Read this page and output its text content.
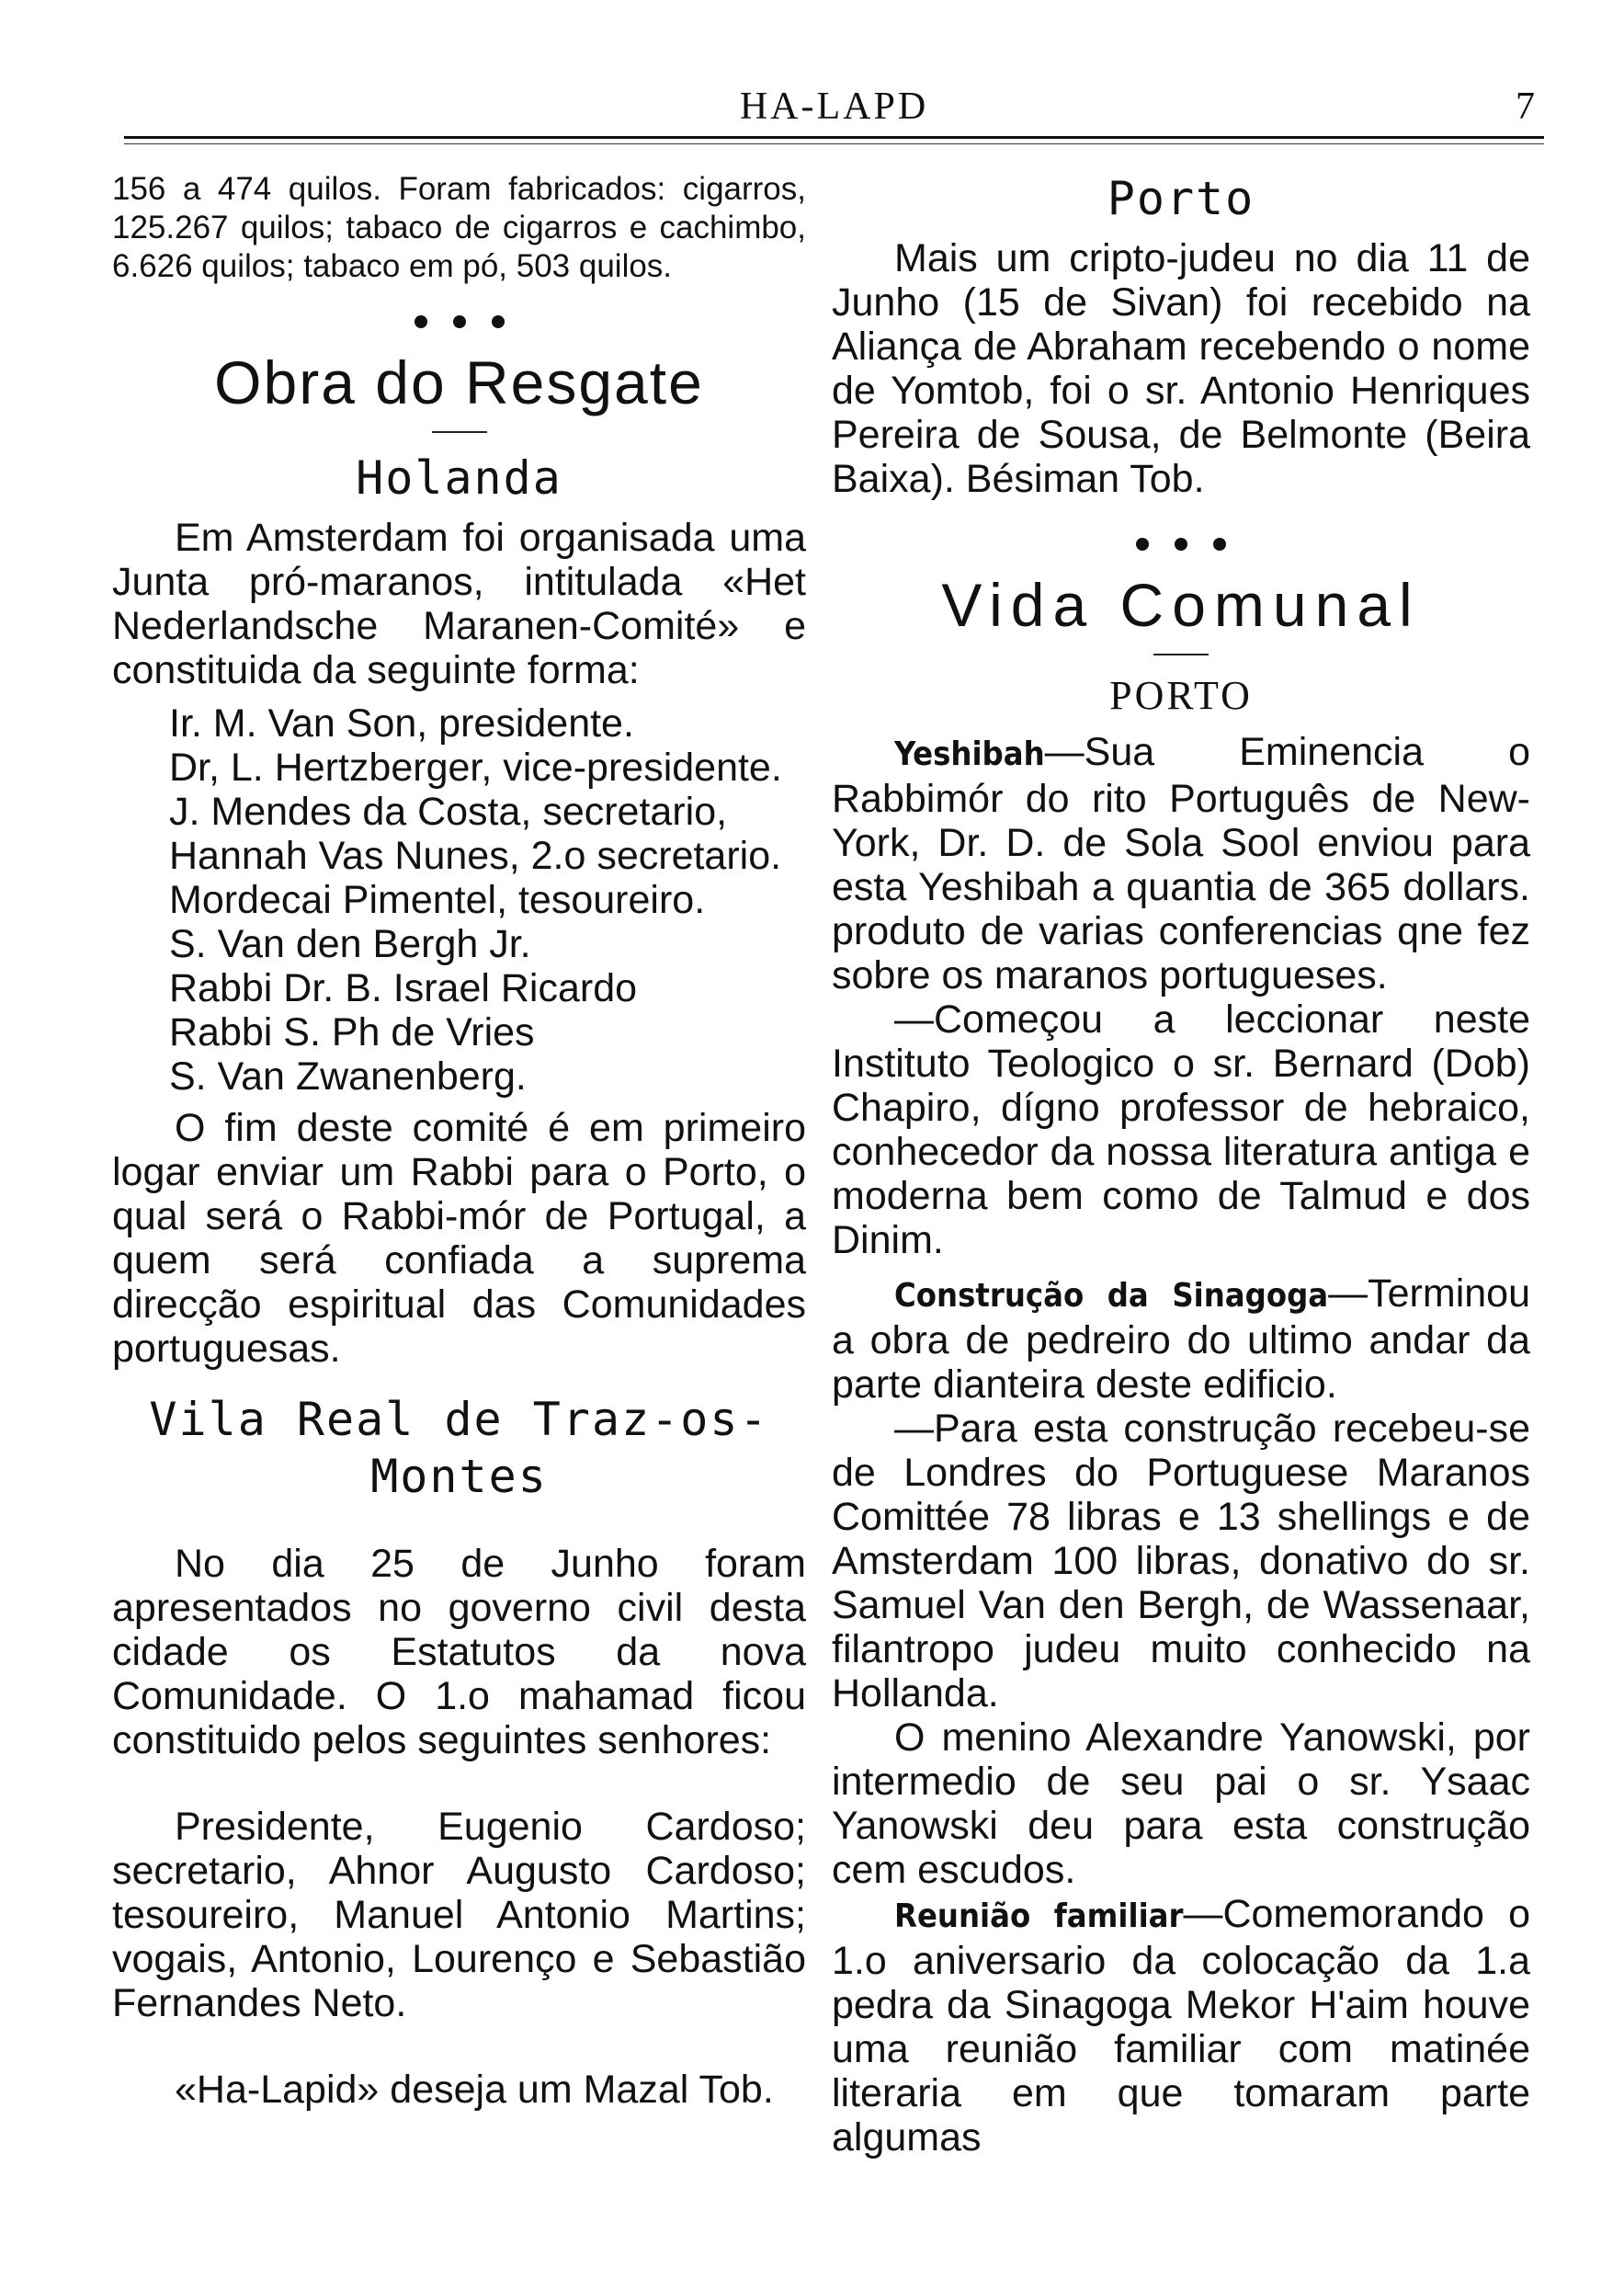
HA-LAPD	7

156 a 474 quilos. Foram fabricados: cigarros, 125.267 quilos; tabaco de cigarros e cachimbo, 6.626 quilos; tabaco em pó, 503 quilos.

Obra do Resgate
Holanda

Em Amsterdam foi organisada uma Junta pró-maranos, intitulada «Het Nederlandsche Maranen-Comité» e constituida da seguinte forma:

Ir. M. Van Son, presidente.
Dr, L. Hertzberger, vice-presidente.
J. Mendes da Costa, secretario,
Hannah Vas Nunes, 2.o secretario.
Mordecai Pimentel, tesoureiro.
S. Van den Bergh Jr.
Rabbi Dr. B. Israel Ricardo
Rabbi S. Ph de Vries
S. Van Zwanenberg.

O fim deste comité é em primeiro logar enviar um Rabbi para o Porto, o qual será o Rabbi-mór de Portugal, a quem será confiada a suprema direcção espiritual das Comunidades portuguesas.

Vila Real de Traz-os-Montes

No dia 25 de Junho foram apresentados no governo civil desta cidade os Estatutos da nova Comunidade. O 1.o mahamad ficou constituido pelos seguintes senhores:

Presidente, Eugenio Cardoso; secretario, Ahnor Augusto Cardoso; tesoureiro, Manuel Antonio Martins; vogais, Antonio, Lourenço e Sebastião Fernandes Neto.

«Ha-Lapid» deseja um Mazal Tob.

Porto

Mais um cripto-judeu no dia 11 de Junho (15 de Sivan) foi recebido na Aliança de Abraham recebendo o nome de Yomtob, foi o sr. Antonio Henriques Pereira de Sousa, de Belmonte (Beira Baixa). Bésiman Tob.

Vida Comunal
PORTO

Yeshibah—Sua Eminencia o Rabbimór do rito Português de New-York, Dr. D. de Sola Sool enviou para esta Yeshibah a quantia de 365 dollars. produto de varias conferencias qne fez sobre os maranos portugueses.

—Começou a leccionar neste Instituto Teologico o sr. Bernard (Dob) Chapiro, dígno professor de hebraico, conhecedor da nossa literatura antiga e moderna bem como de Talmud e dos Dinim.

Construção da Sinagoga—Terminou a obra de pedreiro do ultimo andar da parte dianteira deste edificio.

—Para esta construção recebeu-se de Londres do Portuguese Maranos Comittée 78 libras e 13 shellings e de Amsterdam 100 libras, donativo do sr. Samuel Van den Bergh, de Wassenaar, filantropo judeu muito conhecido na Hollanda.

O menino Alexandre Yanowski, por intermedio de seu pai o sr. Ysaac Yanowski deu para esta construção cem escudos.

Reunião familiar—Comemorando o 1.o aniversario da colocação da 1.a pedra da Sinagoga Mekor H'aim houve uma reunião familiar com matinée literaria em que tomaram parte algumas
